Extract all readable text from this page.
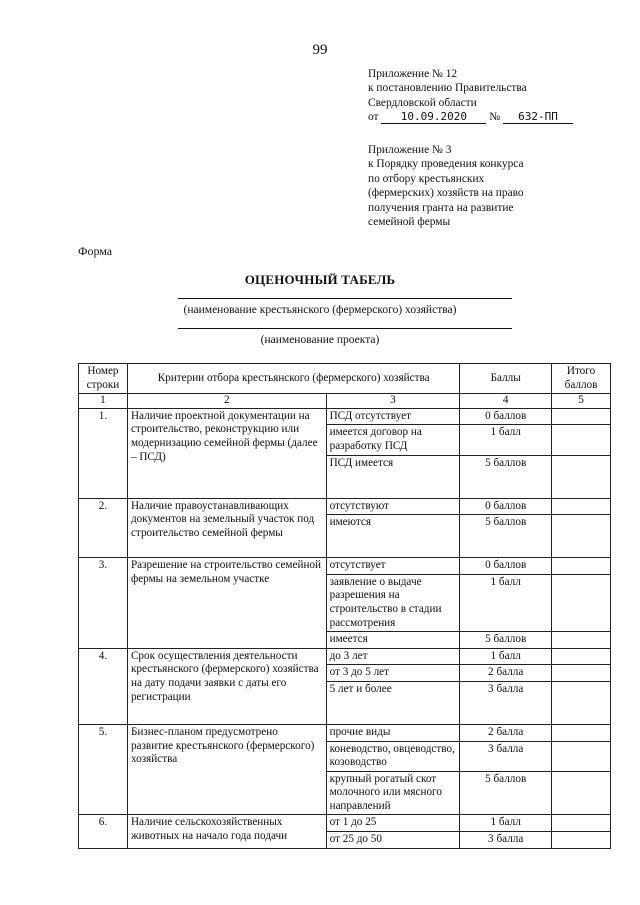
99
Приложение № 12
к постановлению Правительства
Свердловской области
от 10.09.2020 № 632-ПП
Приложение № 3
к Порядку проведения конкурса
по отбору крестьянских
(фермерских) хозяйств на право
получения гранта на развитие
семейной фермы
Форма
ОЦЕНОЧНЫЙ ТАБЕЛЬ
(наименование крестьянского (фермерского) хозяйства)
(наименование проекта)
Номер строки	Критерии отбора крестьянского (фермерского) хозяйства		Баллы	Итого баллов
1	2	3	4	5
1.	Наличие проектной документации на строительство, реконструкцию или модернизацию семейной фермы (далее – ПСД)	ПСД отсутствует	0 баллов	
		имеется договор на разработку ПСД	1 балл	
		ПСД имеется	5 баллов	
2.	Наличие правоустанавливающих документов на земельный участок под строительство семейной фермы	отсутствуют	0 баллов	
		имеются	5 баллов	
3.	Разрешение на строительство семейной фермы на земельном участке	отсутствует	0 баллов	
		заявление о выдаче разрешения на строительство в стадии рассмотрения	1 балл	
		имеется	5 баллов	
4.	Срок осуществления деятельности крестьянского (фермерского) хозяйства на дату подачи заявки с даты его регистрации	до 3 лет	1 балл	
		от 3 до 5 лет	2 балла	
		5 лет и более	3 балла	
5.	Бизнес-планом предусмотрено развитие крестьянского (фермерского) хозяйства	прочие виды	2 балла	
		коневодство, овцеводство, козоводство	3 балла	
		крупный рогатый скот молочного или мясного направлений	5 баллов	
6.	Наличие сельскохозяйственных животных на начало года подачи	от 1 до 25	1 балл	
		от 25 до 50	3 балла	
